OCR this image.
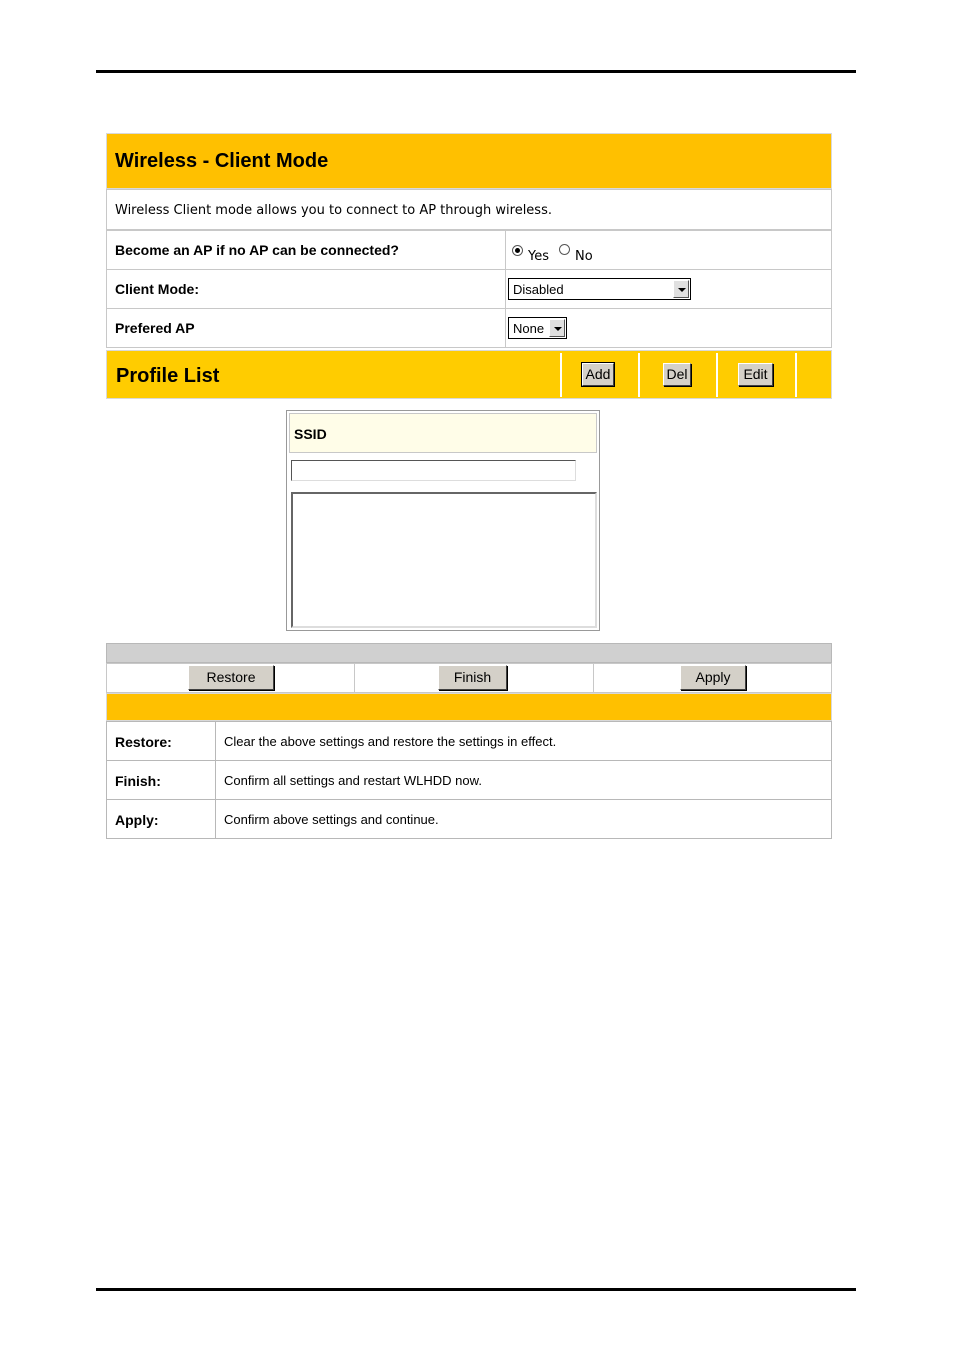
Wireless - Client Mode
Wireless Client mode allows you to connect to AP through wireless.
Become an AP if no AP can be connected?	Yes No
Client Mode:	Disabled
Prefered AP	None
Profile List	Add	Del	Edit
SSID
Restore	Finish	Apply
Restore:	Clear the above settings and restore the settings in effect.
Finish:	Confirm all settings and restart WLHDD now.
Apply:	Confirm above settings and continue.
